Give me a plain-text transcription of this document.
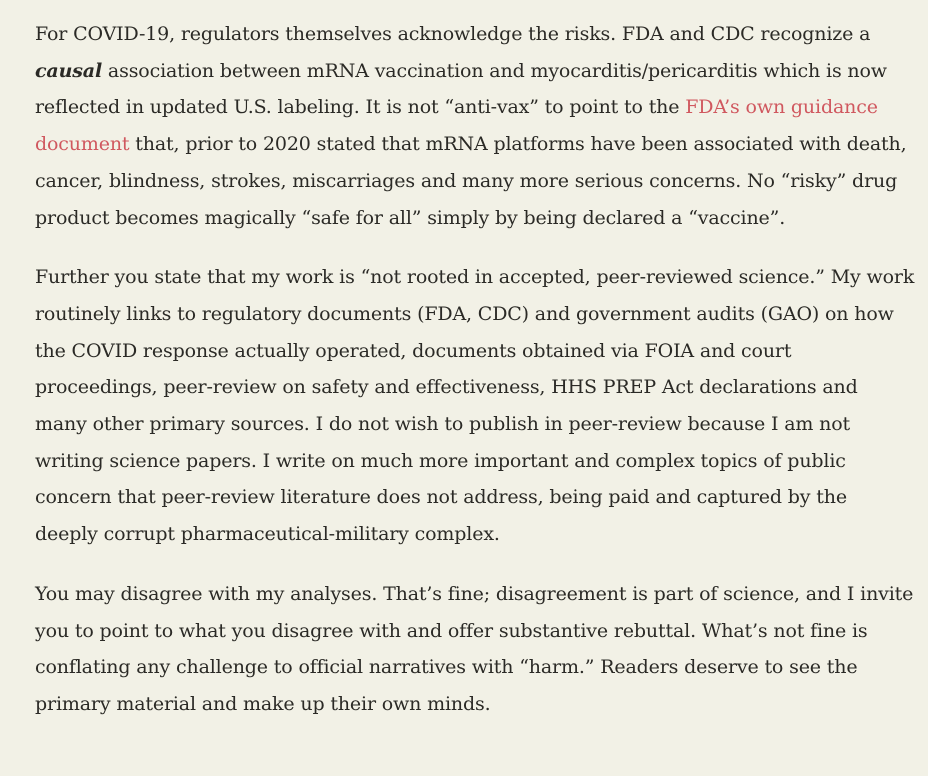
For COVID-19, regulators themselves acknowledge the risks. FDA and CDC recognize a causal association between mRNA vaccination and myocarditis/pericarditis which is now reflected in updated U.S. labeling. It is not “anti-vax” to point to the FDA’s own guidance document that, prior to 2020 stated that mRNA platforms have been associated with death, cancer, blindness, strokes, miscarriages and many more serious concerns. No “risky” drug product becomes magically “safe for all” simply by being declared a “vaccine”.

Further you state that my work is “not rooted in accepted, peer-reviewed science.” My work routinely links to regulatory documents (FDA, CDC) and government audits (GAO) on how the COVID response actually operated, documents obtained via FOIA and court proceedings, peer-review on safety and effectiveness, HHS PREP Act declarations and many other primary sources. I do not wish to publish in peer-review because I am not writing science papers. I write on much more important and complex topics of public concern that peer-review literature does not address, being paid and captured by the deeply corrupt pharmaceutical-military complex.

You may disagree with my analyses. That’s fine; disagreement is part of science, and I invite you to point to what you disagree with and offer substantive rebuttal. What’s not fine is conflating any challenge to official narratives with “harm.” Readers deserve to see the primary material and make up their own minds.
